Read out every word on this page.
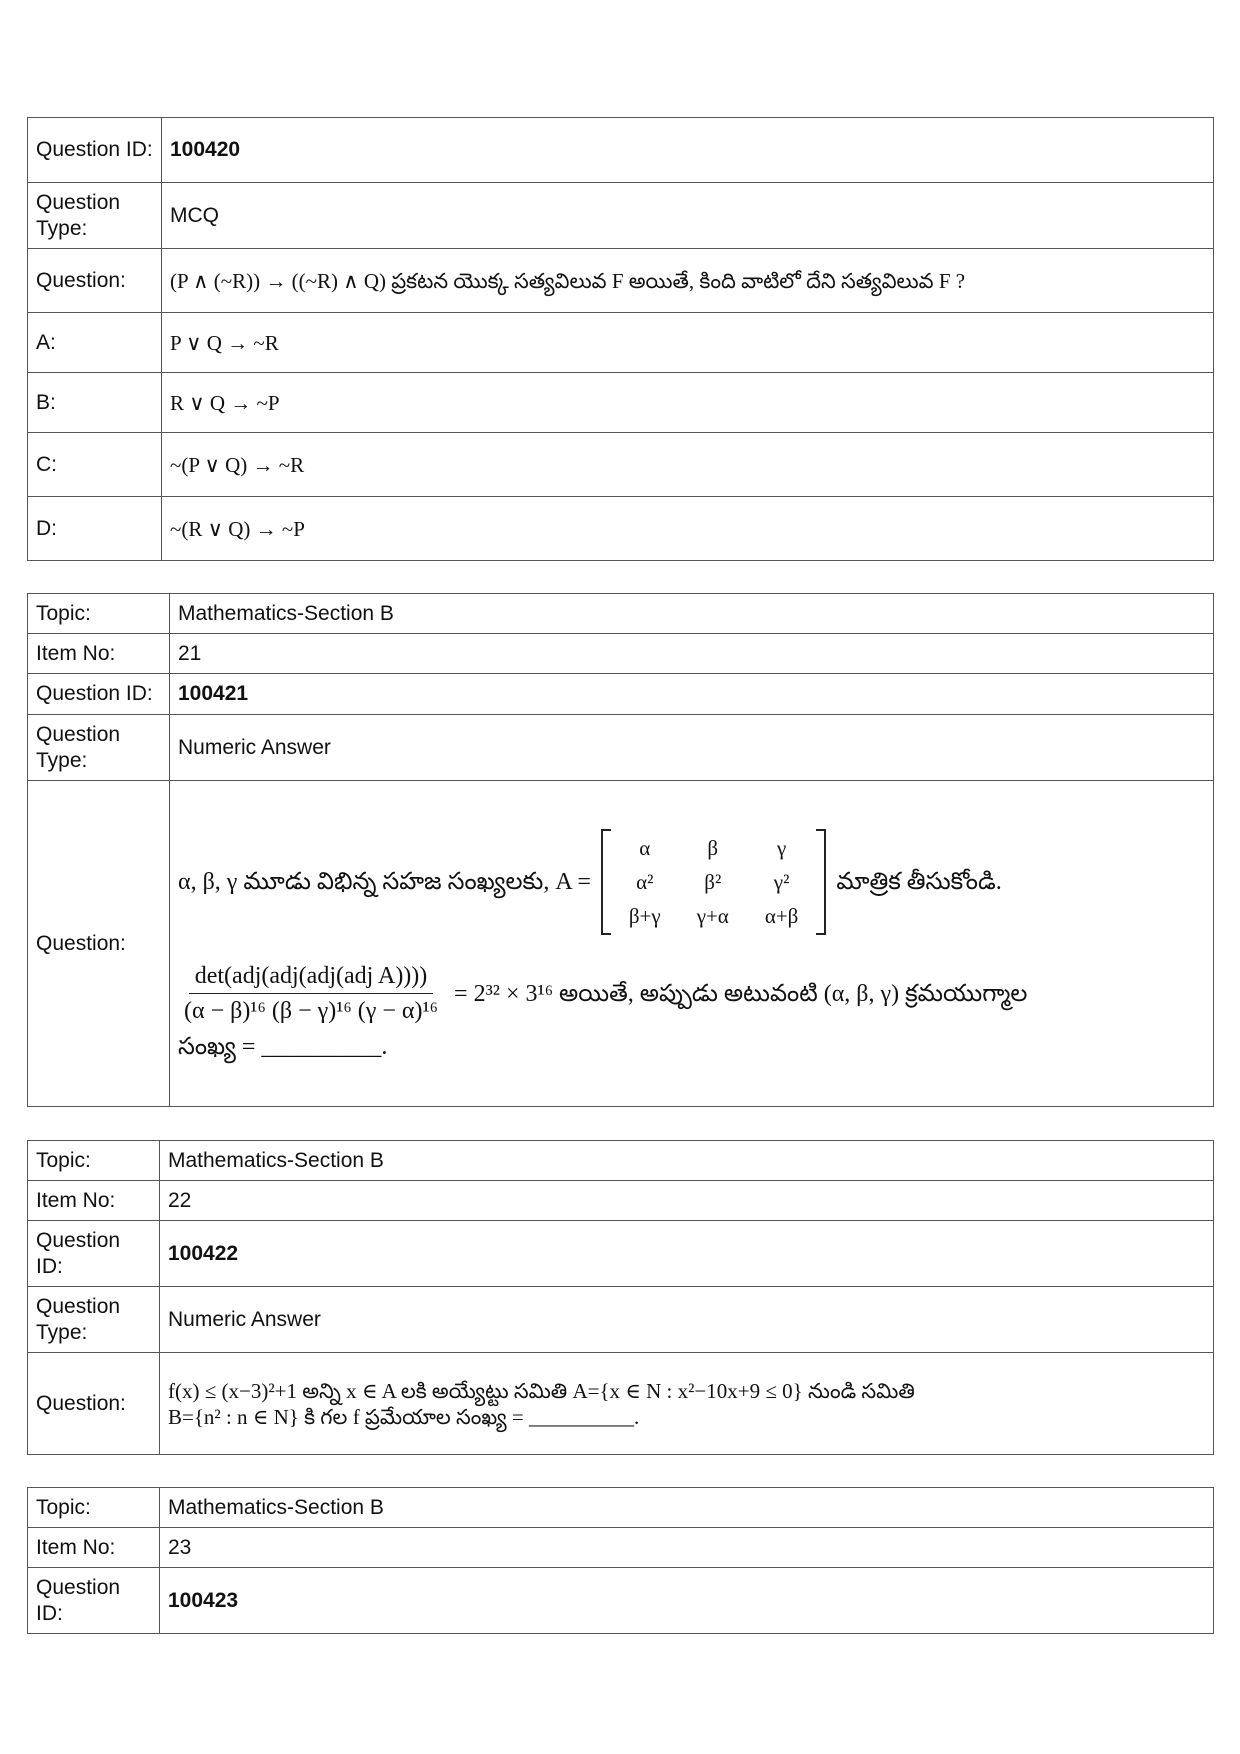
Question ID:	100420
Question Type:	MCQ
Question:	(P ∧ (~R)) → ((~R) ∧ Q) ప్రకటన యొక్క సత్యవిలువ F అయితే, కింది వాటిలో దేని సత్యవిలువ F ?
A:	P ∨ Q → ~R
B:	R ∨ Q → ~P
C:	~(P ∨ Q) → ~R
D:	~(R ∨ Q) → ~P
Topic:	Mathematics-Section B
Item No:	21
Question ID:	100421
Question Type:	Numeric Answer
Question:	
α, β, γ మూడు విభిన్న సహజ సంఖ్యలకు, A =
α	β	γ
α²	β²	γ²
β+γ	γ+α	α+β
మాత్రిక తీసుకోండి.
$\frac{\text{det(adj(adj(adj(adj A))))}}{\text{(α − β)¹⁶ (β − γ)¹⁶ (γ − α)¹⁶}} = 2^{32} \times 3^{16}$ అయితే, అప్పుడు అటువంటి (α, β, γ) క్రమయుగ్మాల
సంఖ్య = __________.
Topic:	Mathematics-Section B
Item No:	22
Question ID:	100422
Question Type:	Numeric Answer
Question:	f(x) ≤ (x−3)²+1 అన్ని x ∈ A లకి అయ్యేట్టు సమితి A={x ∈ N : x²−10x+9 ≤ 0} నుండి సమితి
B={n² : n ∈ N} కి గల f ప్రమేయాల సంఖ్య = __________.
Topic:	Mathematics-Section B
Item No:	23
Question ID:	100423
